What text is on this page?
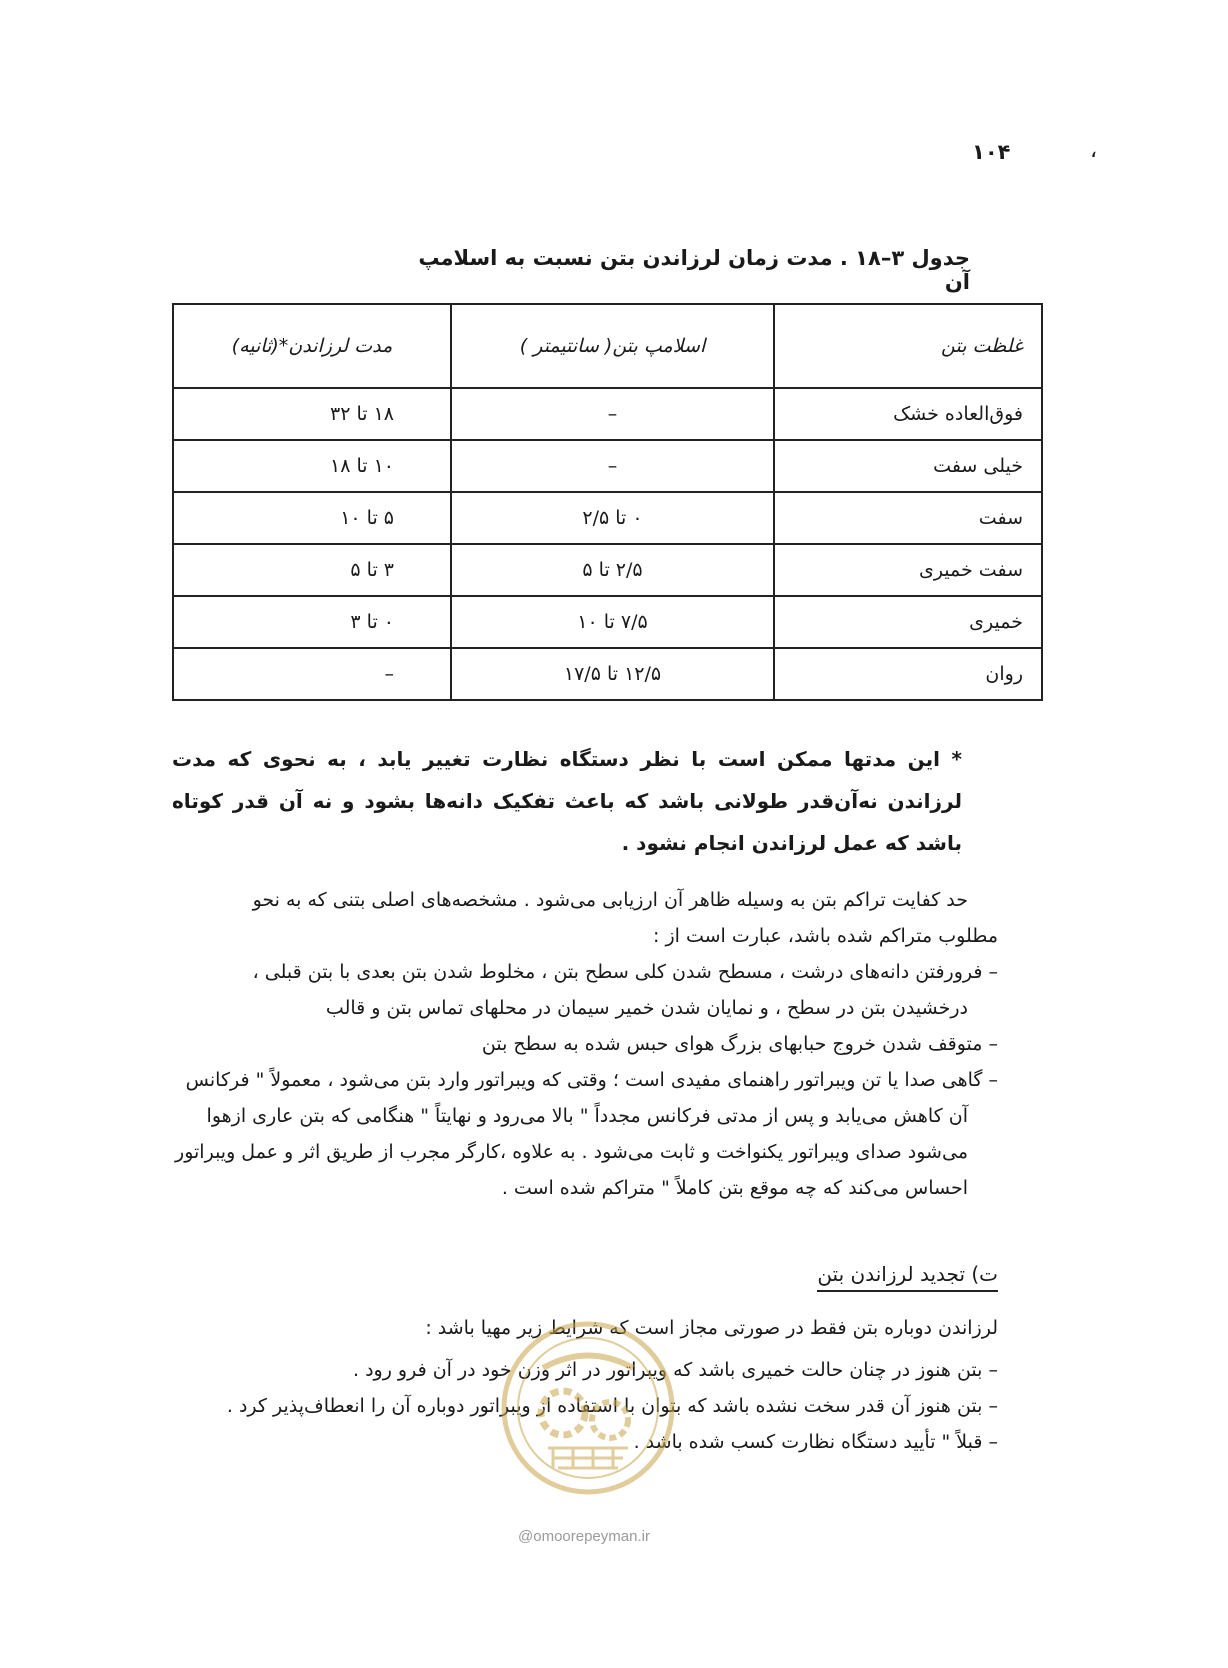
۱۰۴	،
جدول ۳–۱۸ . مدت زمان لرزاندن بتن نسبت به اسلامپ آن
غلظت بتن	اسلامپ بتن( سانتیمتر )	مدت لرزاندن*(ثانیه)
فوق‌العاده خشک	–	۱۸ تا ۳۲
خیلی سفت	–	۱۰ تا ۱۸
سفت	۰ تا ۲/۵	۵ تا ۱۰
سفت خمیری	۲/۵ تا ۵	۳ تا ۵
خمیری	۷/۵ تا ۱۰	۰ تا ۳
روان	۱۲/۵ تا ۱۷/۵	–
* این مدتها ممکن است با نظر دستگاه نظارت تغییر یابد ، به نحوی که مدت لرزاندن نه‌آن‌قدر طولانی باشد که باعث تفکیک دانه‌ها بشود و نه آن قدر کوتاه باشد که عمل لرزاندن انجام نشود .
حد کفایت تراکم بتن به وسیله ظاهر آن ارزیابی می‌شود . مشخصه‌های اصلی بتنی که به نحو
مطلوب متراکم شده باشد، عبارت است از :
– فرورفتن دانه‌های درشت ، مسطح شدن کلی سطح بتن ، مخلوط شدن بتن بعدی با بتن قبلی ،
درخشیدن بتن در سطح ، و نمایان شدن خمیر سیمان در محلهای تماس بتن و قالب
– متوقف شدن خروج حبابهای بزرگ هوای حبس شده به سطح بتن
– گاهی صدا یا تن ویبراتور راهنمای مفیدی است ؛ وقتی که ویبراتور وارد بتن می‌شود ، معمولاً " فرکانس
آن کاهش می‌یابد و پس از مدتی فرکانس مجدداً " بالا می‌رود و نهایتاً " هنگامی که بتن عاری ازهوا
می‌شود صدای ویبراتور یکنواخت و ثابت می‌شود . به علاوه ،کارگر مجرب از طریق اثر و عمل ویبراتور
احساس می‌کند که چه موقع بتن کاملاً " متراکم شده است .
ت) تجدید لرزاندن بتن
لرزاندن دوباره بتن فقط در صورتی مجاز است که شرایط زیر مهیا باشد :
– بتن هنوز در چنان حالت خمیری باشد که ویبراتور در اثر وزن خود در آن فرو رود .
– بتن هنوز آن قدر سخت نشده باشد که بتوان با استفاده از ویبراتور دوباره آن را انعطاف‌پذیر کرد .
– قبلاً " تأیید دستگاه نظارت کسب شده باشد .
@omoorepeyman.ir
